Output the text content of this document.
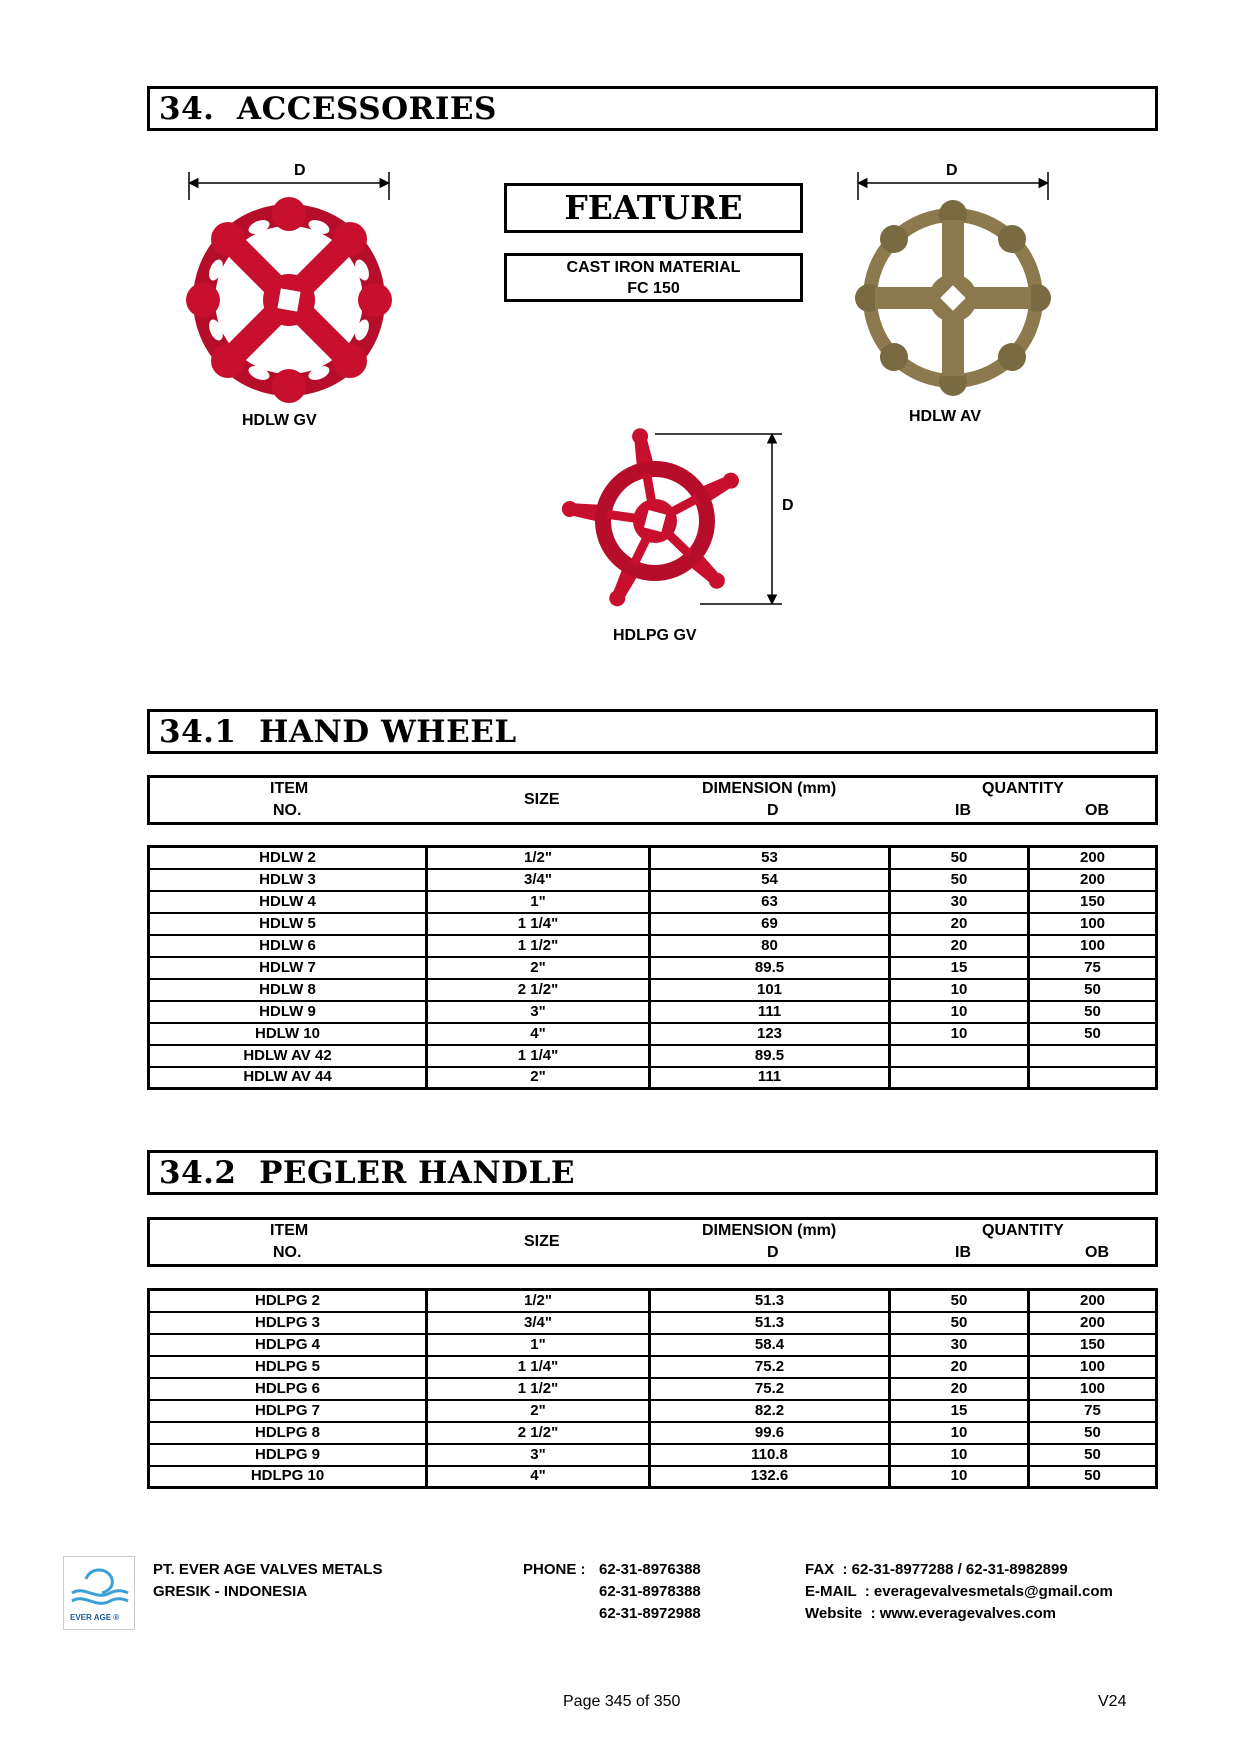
34. ACCESSORIES
FEATURE
CAST IRON MATERIAL
FC 150
D	D
D
HDLW GV	HDLW AV
HDLPG GV
34.1 HAND WHEEL
ITEM
NO.
SIZE
DIMENSION (mm)
D
QUANTITY
IB	OB
HDLW 2	1/2"	53	50	200
HDLW 3	3/4"	54	50	200
HDLW 4	1"	63	30	150
HDLW 5	1 1/4"	69	20	100
HDLW 6	1 1/2"	80	20	100
HDLW 7	2"	89.5	15	75
HDLW 8	2 1/2"	101	10	50
HDLW 9	3"	111	10	50
HDLW 10	4"	123	10	50
HDLW AV 42	1 1/4"	89.5		
HDLW AV 44	2"	111		
34.2 PEGLER HANDLE
ITEM
NO.
SIZE
DIMENSION (mm)
D
QUANTITY
IB	OB
HDLPG 2	1/2"	51.3	50	200
HDLPG 3	3/4"	51.3	50	200
HDLPG 4	1"	58.4	30	150
HDLPG 5	1 1/4"	75.2	20	100
HDLPG 6	1 1/2"	75.2	20	100
HDLPG 7	2"	82.2	15	75
HDLPG 8	2 1/2"	99.6	10	50
HDLPG 9	3"	110.8	10	50
HDLPG 10	4"	132.6	10	50
EVER AGE ®
PT. EVER AGE VALVES METALS
GRESIK - INDONESIA
PHONE : 62-31-8976388
62-31-8978388
62-31-8972988
FAX  : 62-31-8977288 / 62-31-8982899
E-MAIL  : everagevalvesmetals@gmail.com
Website  : www.everagevalves.com
Page 345 of 350	V24
